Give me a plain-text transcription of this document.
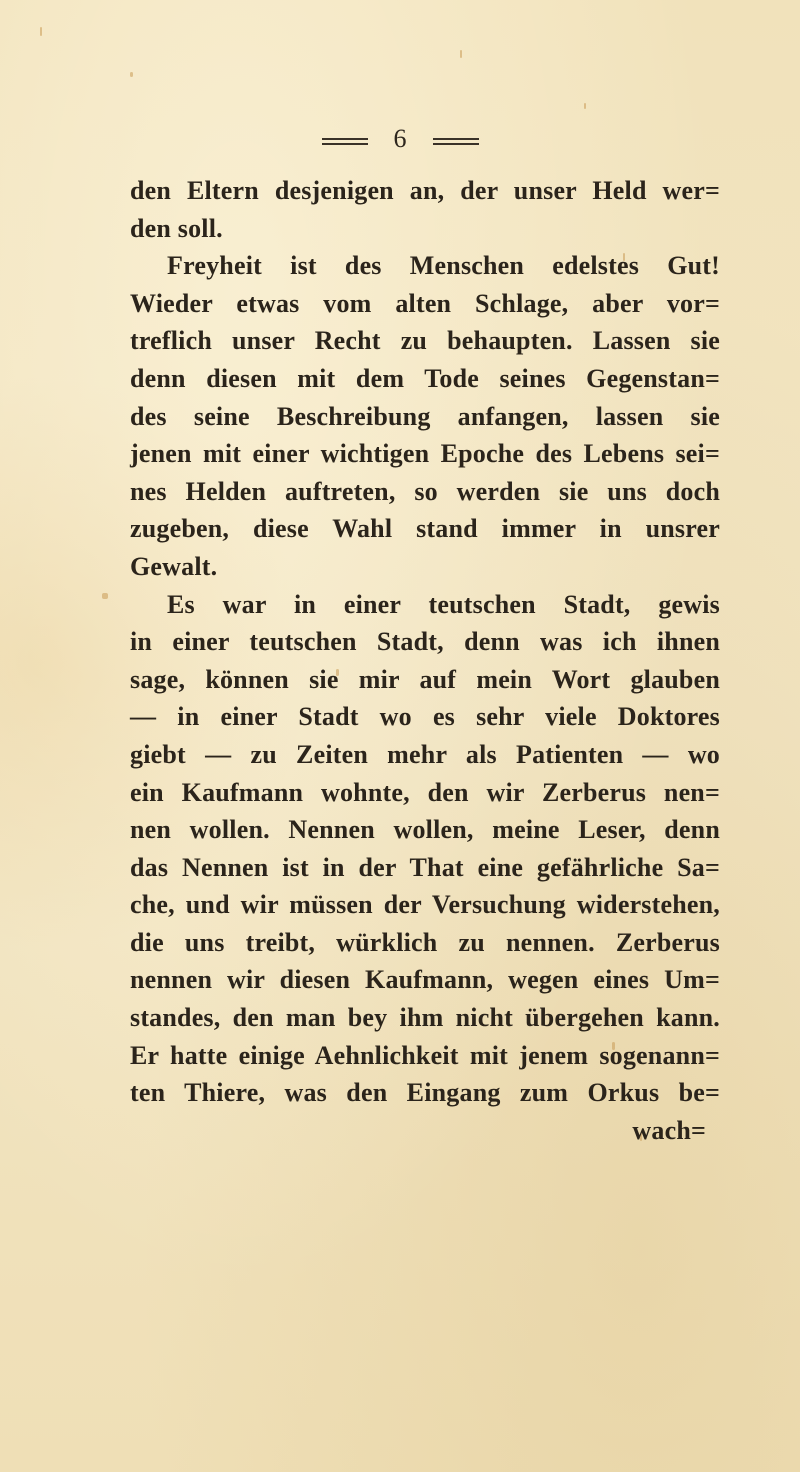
6
den Eltern desjenigen an, der unser Held wer=
den soll.
Freyheit ist des Menschen edelstes Gut!
Wieder etwas vom alten Schlage, aber vor=
treflich unser Recht zu behaupten. Lassen sie
denn diesen mit dem Tode seines Gegenstan=
des seine Beschreibung anfangen, lassen sie
jenen mit einer wichtigen Epoche des Lebens sei=
nes Helden auftreten, so werden sie uns doch
zugeben, diese Wahl stand immer in unsrer
Gewalt.
Es war in einer teutschen Stadt, gewis
in einer teutschen Stadt, denn was ich ihnen
sage, können sie mir auf mein Wort glauben
— in einer Stadt wo es sehr viele Doktores
giebt — zu Zeiten mehr als Patienten — wo
ein Kaufmann wohnte, den wir Zerberus nen=
nen wollen. Nennen wollen, meine Leser, denn
das Nennen ist in der That eine gefährliche Sa=
che, und wir müssen der Versuchung widerstehen,
die uns treibt, würklich zu nennen. Zerberus
nennen wir diesen Kaufmann, wegen eines Um=
standes, den man bey ihm nicht übergehen kann.
Er hatte einige Aehnlichkeit mit jenem sogenann=
ten Thiere, was den Eingang zum Orkus be=
wach=
